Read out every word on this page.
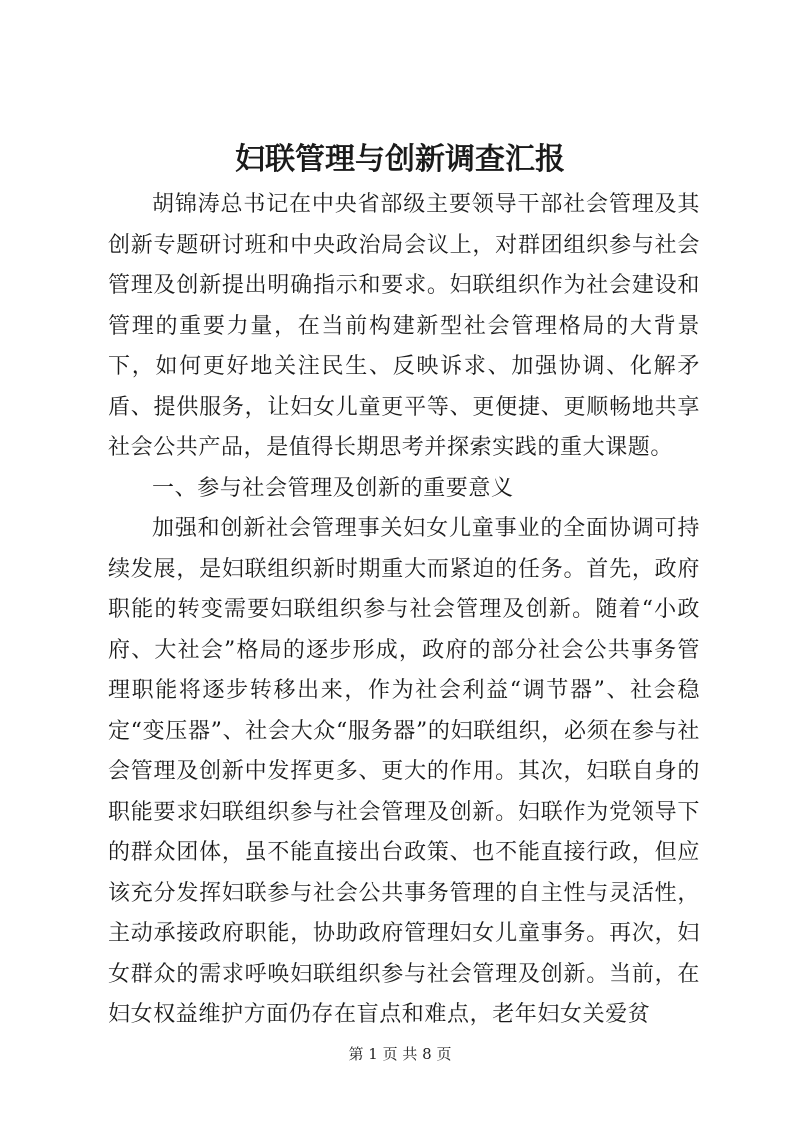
妇联管理与创新调查汇报

胡锦涛总书记在中央省部级主要领导干部社会管理及其创新专题研讨班和中央政治局会议上，对群团组织参与社会管理及创新提出明确指示和要求。妇联组织作为社会建设和管理的重要力量，在当前构建新型社会管理格局的大背景下，如何更好地关注民生、反映诉求、加强协调、化解矛盾、提供服务，让妇女儿童更平等、更便捷、更顺畅地共享社会公共产品，是值得长期思考并探索实践的重大课题。

一、参与社会管理及创新的重要意义

加强和创新社会管理事关妇女儿童事业的全面协调可持续发展，是妇联组织新时期重大而紧迫的任务。首先，政府职能的转变需要妇联组织参与社会管理及创新。随着“小政府、大社会”格局的逐步形成，政府的部分社会公共事务管理职能将逐步转移出来，作为社会利益“调节器”、社会稳定“变压器”、社会大众“服务器”的妇联组织，必须在参与社会管理及创新中发挥更多、更大的作用。其次，妇联自身的职能要求妇联组织参与社会管理及创新。妇联作为党领导下的群众团体，虽不能直接出台政策、也不能直接行政，但应该充分发挥妇联参与社会公共事务管理的自主性与灵活性，主动承接政府职能，协助政府管理妇女儿童事务。再次，妇女群众的需求呼唤妇联组织参与社会管理及创新。当前，在妇女权益维护方面仍存在盲点和难点，老年妇女关爱贫

第 1 页 共 8 页
